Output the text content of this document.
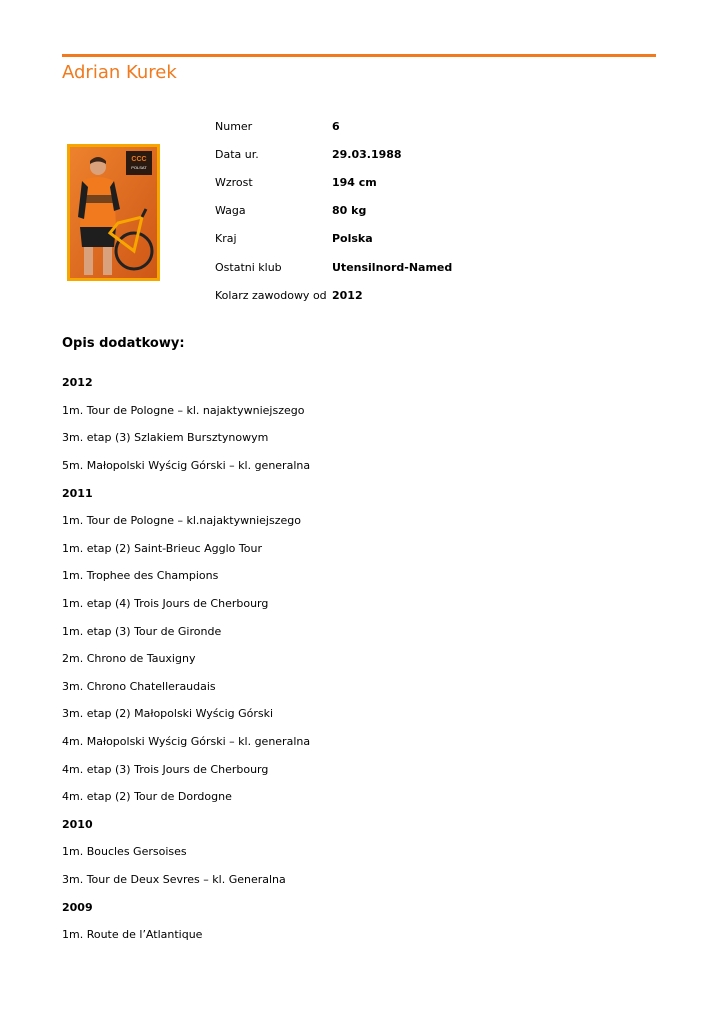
Adrian Kurek
CCC
POLSAT
Numer	6
Data ur.	29.03.1988
Wzrost	194 cm
Waga	80 kg
Kraj	Polska
Ostatni klub	Utensilnord-Named
Kolarz zawodowy od 2012
Opis dodatkowy:
2012
1m. Tour de Pologne – kl. najaktywniejszego
3m. etap (3) Szlakiem Bursztynowym
5m. Małopolski Wyścig Górski – kl. generalna
2011
1m. Tour de Pologne – kl.najaktywniejszego
1m. etap (2) Saint-Brieuc Agglo Tour
1m. Trophee des Champions
1m. etap (4) Trois Jours de Cherbourg
1m. etap (3) Tour de Gironde
2m. Chrono de Tauxigny
3m. Chrono Chatelleraudais
3m. etap (2) Małopolski Wyścig Górski
4m. Małopolski Wyścig Górski – kl. generalna
4m. etap (3) Trois Jours de Cherbourg
4m. etap (2) Tour de Dordogne
2010
1m. Boucles Gersoises
3m. Tour de Deux Sevres – kl. Generalna
2009
1m. Route de l’Atlantique
